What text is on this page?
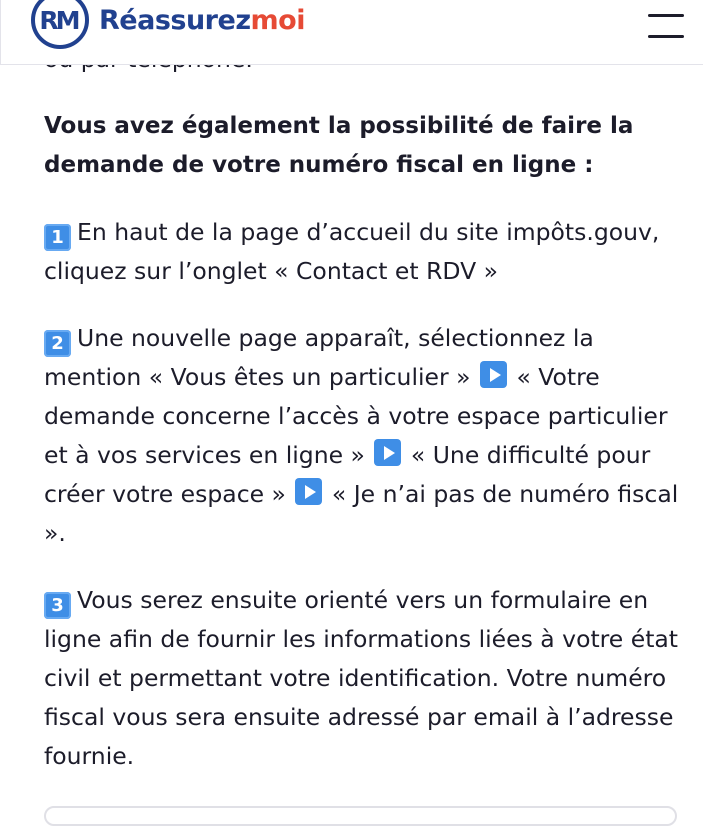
RM Réassurezmoi

Vous avez également la possibilité de faire la demande de votre numéro fiscal en ligne :

1 En haut de la page d’accueil du site impôts.gouv, cliquez sur l’onglet « Contact et RDV »

2 Une nouvelle page apparaît, sélectionnez la mention « Vous êtes un particulier » « Votre demande concerne l’accès à votre espace particulier et à vos services en ligne » « Une difficulté pour créer votre espace » « Je n’ai pas de numéro fiscal ».

3 Vous serez ensuite orienté vers un formulaire en ligne afin de fournir les informations liées à votre état civil et permettant votre identification. Votre numéro fiscal vous sera ensuite adressé par email à l’adresse fournie.
